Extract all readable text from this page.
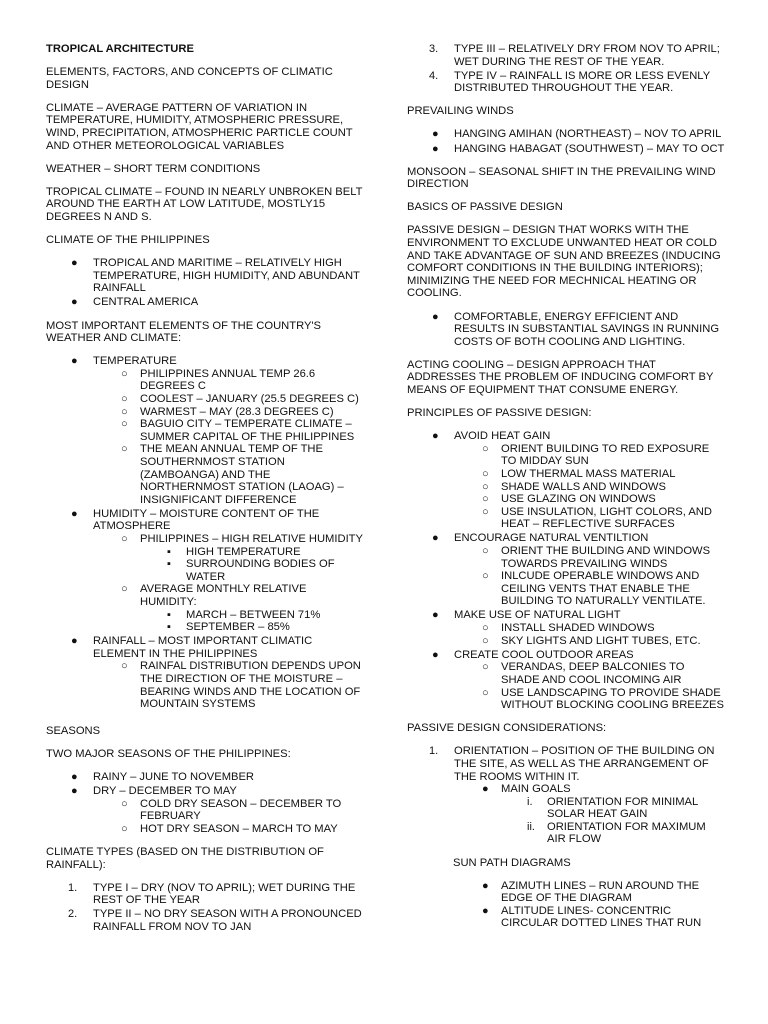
TROPICAL ARCHITECTURE

ELEMENTS, FACTORS, AND CONCEPTS OF CLIMATIC DESIGN

CLIMATE – AVERAGE PATTERN OF VARIATION IN TEMPERATURE, HUMIDITY, ATMOSPHERIC PRESSURE, WIND, PRECIPITATION, ATMOSPHERIC PARTICLE COUNT AND OTHER METEOROLOGICAL VARIABLES

WEATHER – SHORT TERM CONDITIONS

TROPICAL CLIMATE – FOUND IN NEARLY UNBROKEN BELT AROUND THE EARTH AT LOW LATITUDE, MOSTLY15 DEGREES N AND S.

CLIMATE OF THE PHILIPPINES

● TROPICAL AND MARITIME – RELATIVELY HIGH TEMPERATURE, HIGH HUMIDITY, AND ABUNDANT RAINFALL
● CENTRAL AMERICA

MOST IMPORTANT ELEMENTS OF THE COUNTRY'S WEATHER AND CLIMATE:

● TEMPERATURE
○ PHILIPPINES ANNUAL TEMP 26.6 DEGREES C
○ COOLEST – JANUARY (25.5 DEGREES C)
○ WARMEST – MAY (28.3 DEGREES C)
○ BAGUIO CITY – TEMPERATE CLIMATE – SUMMER CAPITAL OF THE PHILIPPINES
○ THE MEAN ANNUAL TEMP OF THE SOUTHERNMOST STATION (ZAMBOANGA) AND THE NORTHERNMOST STATION (LAOAG) – INSIGNIFICANT DIFFERENCE
● HUMIDITY – MOISTURE CONTENT OF THE ATMOSPHERE
○ PHILIPPINES – HIGH RELATIVE HUMIDITY
▪ HIGH TEMPERATURE
▪ SURROUNDING BODIES OF WATER
○ AVERAGE MONTHLY RELATIVE HUMIDITY:
▪ MARCH – BETWEEN 71%
▪ SEPTEMBER – 85%
● RAINFALL – MOST IMPORTANT CLIMATIC ELEMENT IN THE PHILIPPINES
○ RAINFAL DISTRIBUTION DEPENDS UPON THE DIRECTION OF THE MOISTURE – BEARING WINDS AND THE LOCATION OF MOUNTAIN SYSTEMS

SEASONS

TWO MAJOR SEASONS OF THE PHILIPPINES:

● RAINY – JUNE TO NOVEMBER
● DRY – DECEMBER TO MAY
○ COLD DRY SEASON – DECEMBER TO FEBRUARY
○ HOT DRY SEASON – MARCH TO MAY

CLIMATE TYPES (BASED ON THE DISTRIBUTION OF RAINFALL):

1. TYPE I – DRY (NOV TO APRIL); WET DURING THE REST OF THE YEAR
2. TYPE II – NO DRY SEASON WITH A PRONOUNCED RAINFALL FROM NOV TO JAN
3. TYPE III – RELATIVELY DRY FROM NOV TO APRIL; WET DURING THE REST OF THE YEAR.
4. TYPE IV – RAINFALL IS MORE OR LESS EVENLY DISTRIBUTED THROUGHOUT THE YEAR.

PREVAILING WINDS

● HANGING AMIHAN (NORTHEAST) – NOV TO APRIL
● HANGING HABAGAT (SOUTHWEST) – MAY TO OCT

MONSOON – SEASONAL SHIFT IN THE PREVAILING WIND DIRECTION

BASICS OF PASSIVE DESIGN

PASSIVE DESIGN – DESIGN THAT WORKS WITH THE ENVIRONMENT TO EXCLUDE UNWANTED HEAT OR COLD AND TAKE ADVANTAGE OF SUN AND BREEZES (INDUCING COMFORT CONDITIONS IN THE BUILDING INTERIORS); MINIMIZING THE NEED FOR MECHNICAL HEATING OR COOLING.

● COMFORTABLE, ENERGY EFFICIENT AND RESULTS IN SUBSTANTIAL SAVINGS IN RUNNING COSTS OF BOTH COOLING AND LIGHTING.

ACTING COOLING – DESIGN APPROACH THAT ADDRESSES THE PROBLEM OF INDUCING COMFORT BY MEANS OF EQUIPMENT THAT CONSUME ENERGY.

PRINCIPLES OF PASSIVE DESIGN:

● AVOID HEAT GAIN
○ ORIENT BUILDING TO RED EXPOSURE TO MIDDAY SUN
○ LOW THERMAL MASS MATERIAL
○ SHADE WALLS AND WINDOWS
○ USE GLAZING ON WINDOWS
○ USE INSULATION, LIGHT COLORS, AND HEAT – REFLECTIVE SURFACES
● ENCOURAGE NATURAL VENTILTION
○ ORIENT THE BUILDING AND WINDOWS TOWARDS PREVAILING WINDS
○ INLCUDE OPERABLE WINDOWS AND CEILING VENTS THAT ENABLE THE BUILDING TO NATURALLY VENTILATE.
● MAKE USE OF NATURAL LIGHT
○ INSTALL SHADED WINDOWS
○ SKY LIGHTS AND LIGHT TUBES, ETC.
● CREATE COOL OUTDOOR AREAS
○ VERANDAS, DEEP BALCONIES TO SHADE AND COOL INCOMING AIR
○ USE LANDSCAPING TO PROVIDE SHADE WITHOUT BLOCKING COOLING BREEZES

PASSIVE DESIGN CONSIDERATIONS:

1. ORIENTATION – POSITION OF THE BUILDING ON THE SITE, AS WELL AS THE ARRANGEMENT OF THE ROOMS WITHIN IT.
● MAIN GOALS
i. ORIENTATION FOR MINIMAL SOLAR HEAT GAIN
ii. ORIENTATION FOR MAXIMUM AIR FLOW

SUN PATH DIAGRAMS

● AZIMUTH LINES – RUN AROUND THE EDGE OF THE DIAGRAM
● ALTITUDE LINES- CONCENTRIC CIRCULAR DOTTED LINES THAT RUN
